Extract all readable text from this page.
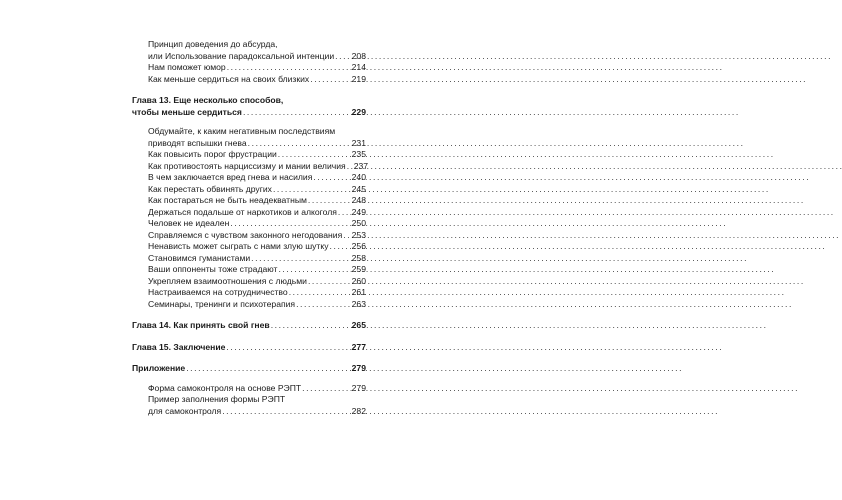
Принцип доведения до абсурда,
или Использование парадоксальной интенции . . . 208
Нам поможет юмор . . .	214
Как меньше сердиться на своих близких . . .	219
Глава 13. Еще несколько способов,
чтобы меньше сердиться . . .	229
Обдумайте, к каким негативным последствиям
приводят вспышки гнева . . .	231
Как повысить порог фрустрации . . .	235
Как противостоять нарциссизму и мании величия . . . 237
В чем заключается вред гнева и насилия . . .	240
Как перестать обвинять других . . .	245
Как постараться не быть неадекватным . . .	248
Держаться подальше от наркотиков и алкоголя . . . 249
Человек не идеален . . .	250
Справляемся с чувством законного негодования . . . 253
Ненависть может сыграть с нами злую шутку . . .	256
Становимся гуманистами . . .	258
Ваши оппоненты тоже страдают . . .	259
Укрепляем взаимоотношения с людьми . . .	260
Настраиваемся на сотрудничество . . .	261
Семинары, тренинги и психотерапия . . .	263
Глава 14. Как принять свой гнев . . .	265
Глава 15. Заключение . . .	277
Приложение . . .	279
Форма самоконтроля на основе РЭПТ . . .	279
Пример заполнения формы РЭПТ
для самоконтроля . . .	282
